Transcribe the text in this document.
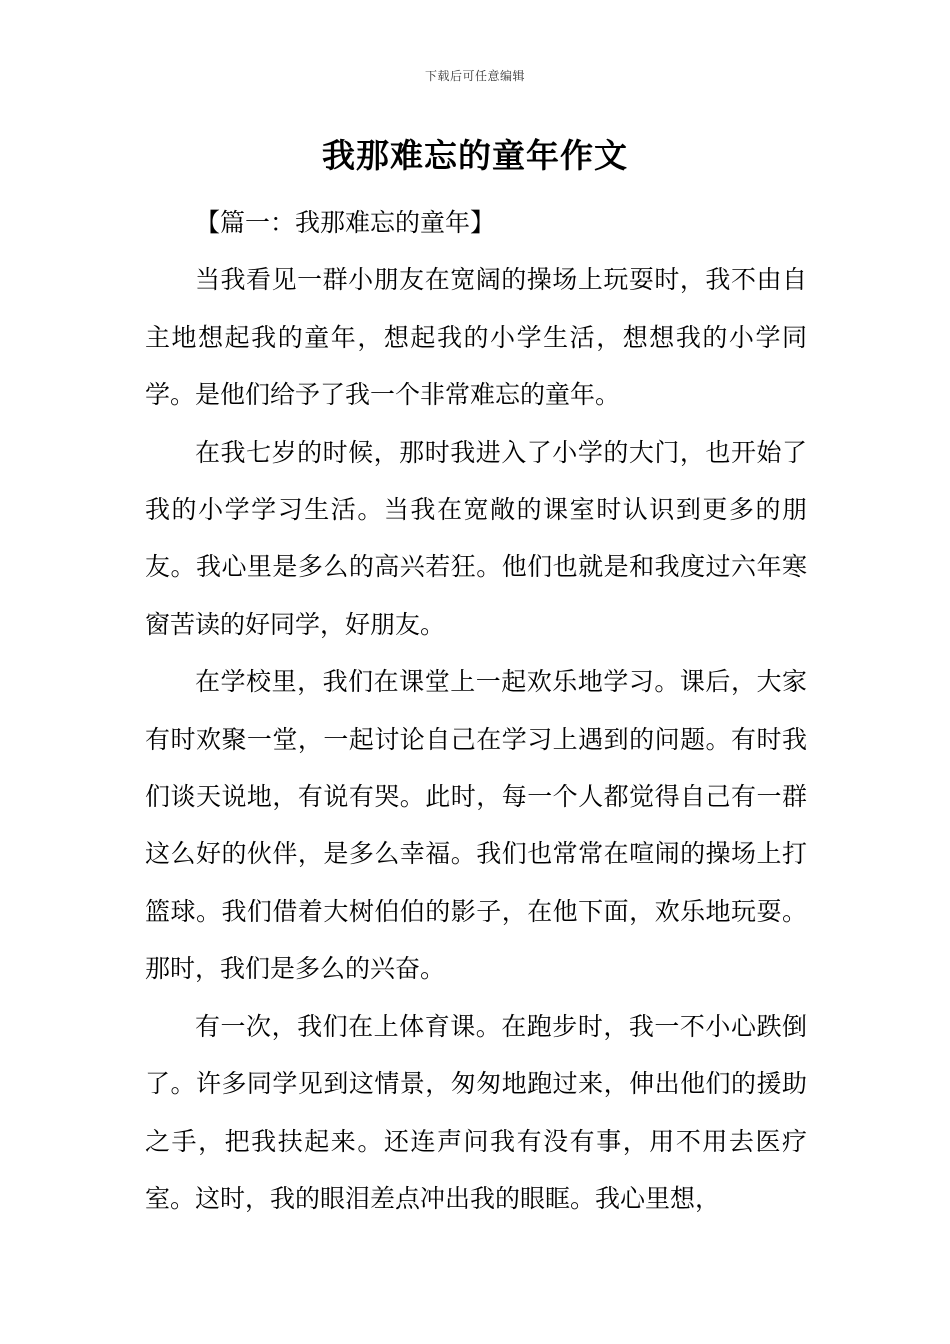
下载后可任意编辑
我那难忘的童年作文

【篇一：我那难忘的童年】

当我看见一群小朋友在宽阔的操场上玩耍时，我不由自主地想起我的童年，想起我的小学生活，想想我的小学同学。是他们给予了我一个非常难忘的童年。

在我七岁的时候，那时我进入了小学的大门，也开始了我的小学学习生活。当我在宽敞的课室时认识到更多的朋友。我心里是多么的高兴若狂。他们也就是和我度过六年寒窗苦读的好同学，好朋友。

在学校里，我们在课堂上一起欢乐地学习。课后，大家有时欢聚一堂，一起讨论自己在学习上遇到的问题。有时我们谈天说地，有说有哭。此时，每一个人都觉得自己有一群这么好的伙伴，是多么幸福。我们也常常在喧闹的操场上打篮球。我们借着大树伯伯的影子，在他下面，欢乐地玩耍。那时，我们是多么的兴奋。

有一次，我们在上体育课。在跑步时，我一不小心跌倒了。许多同学见到这情景，匆匆地跑过来，伸出他们的援助之手，把我扶起来。还连声问我有没有事，用不用去医疗室。这时，我的眼泪差点冲出我的眼眶。我心里想，
